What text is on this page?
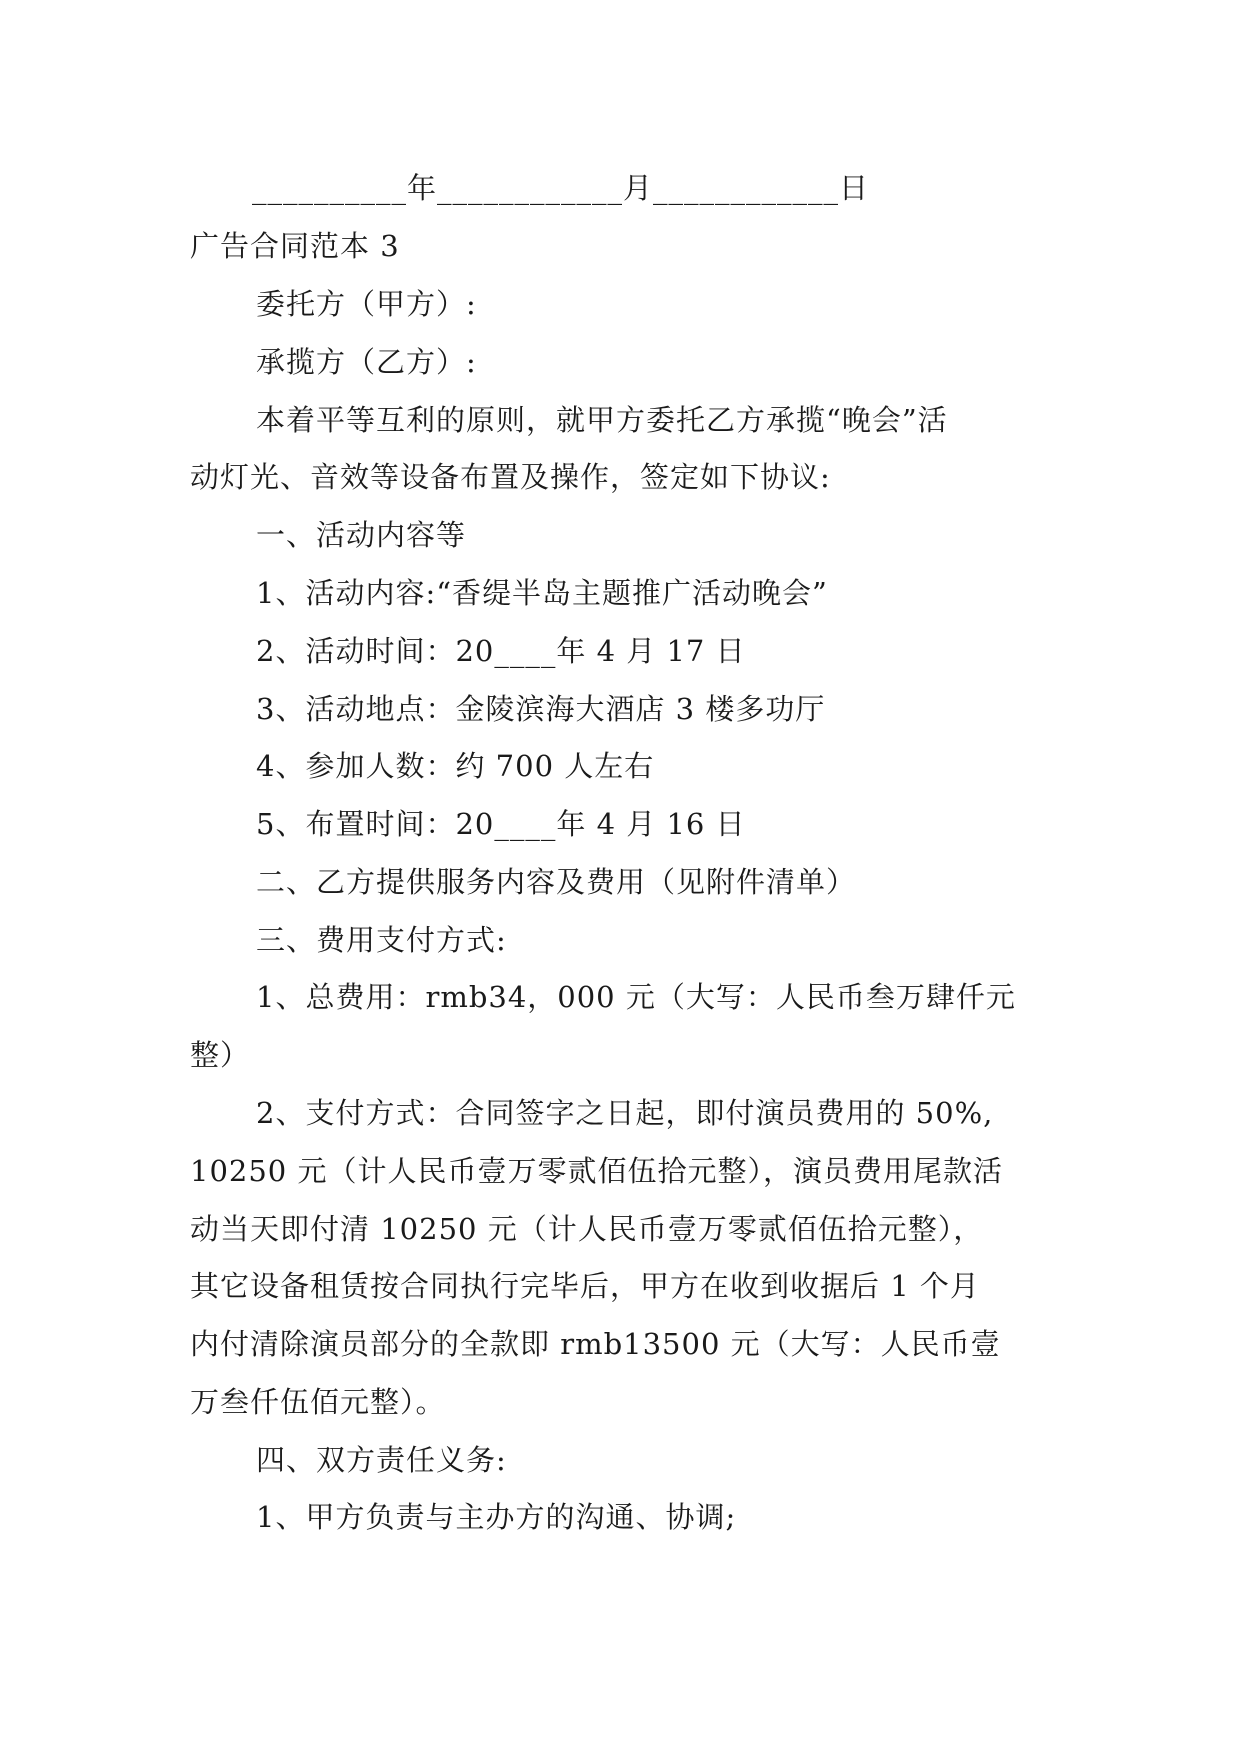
__________年____________月____________日
广告合同范本 3
委托方（甲方）:
承揽方（乙方）:
本着平等互利的原则，就甲方委托乙方承揽“晚会”活
动灯光、音效等设备布置及操作，签定如下协议:
一、活动内容等
1、活动内容:“香缇半岛主题推广活动晚会”
2、活动时间：20____年 4 月 17 日
3、活动地点：金陵滨海大酒店 3 楼多功厅
4、参加人数：约 700 人左右
5、布置时间：20____年 4 月 16 日
二、乙方提供服务内容及费用（见附件清单）
三、费用支付方式:
1、总费用：rmb34，000 元（大写：人民币叁万肆仟元
整）
2、支付方式：合同签字之日起，即付演员费用的 50%,
10250 元（计人民币壹万零贰佰伍拾元整），演员费用尾款活
动当天即付清 10250 元（计人民币壹万零贰佰伍拾元整），
其它设备租赁按合同执行完毕后，甲方在收到收据后 1 个月
内付清除演员部分的全款即 rmb13500 元（大写：人民币壹
万叁仟伍佰元整）。
四、双方责任义务:
1、甲方负责与主办方的沟通、协调;
